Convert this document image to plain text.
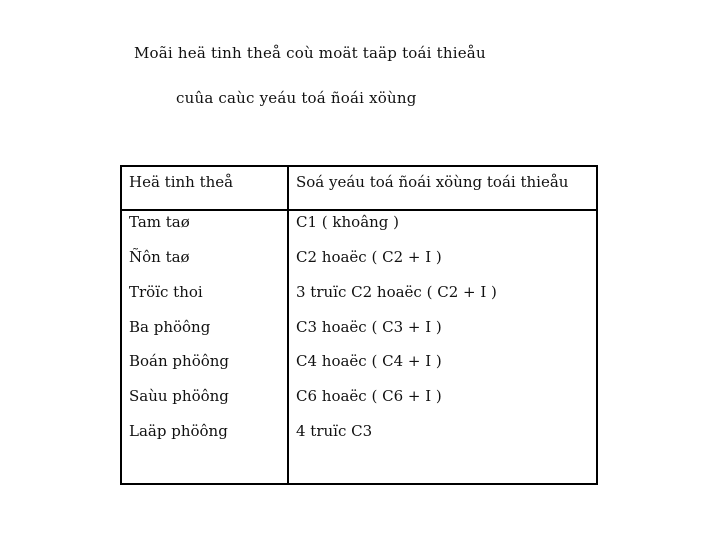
Moãi heä tinh theå coù moät taäp toái thieåu
cuûa caùc yeáu toá ñoái xöùng
Heä tinh theå	Soá yeáu toá ñoái xöùng toái thieåu
Tam taø	C1 ( khoâng )
Ñôn taø	C2 hoaëc ( C2 + I )
Tröïc thoi	3 truïc C2 hoaëc ( C2 + I )
Ba phöông	C3 hoaëc ( C3 + I )
Boán phöông	C4 hoaëc ( C4 + I )
Saùu phöông	C6 hoaëc ( C6 + I )
Laäp phöông	4 truïc C3
